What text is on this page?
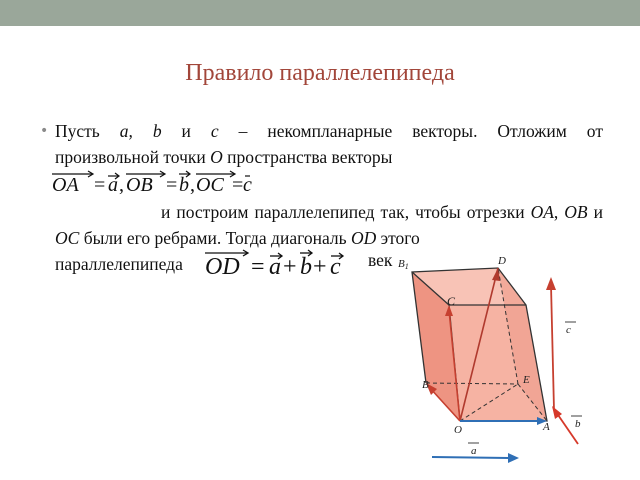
Правило параллелепипеда
• Пусть a, b и c – некомпланарные векторы. Отложим от
произвольной точки O пространства векторы

OA = a , OB = b , OC = c

и построим параллелепипед так, чтобы отрезки OA, OB и OC были его ребрами. Тогда диагональ OD этого
параллелепипеда OD = a + b + c век B1	D
C
c
B	E
O	A b
a
